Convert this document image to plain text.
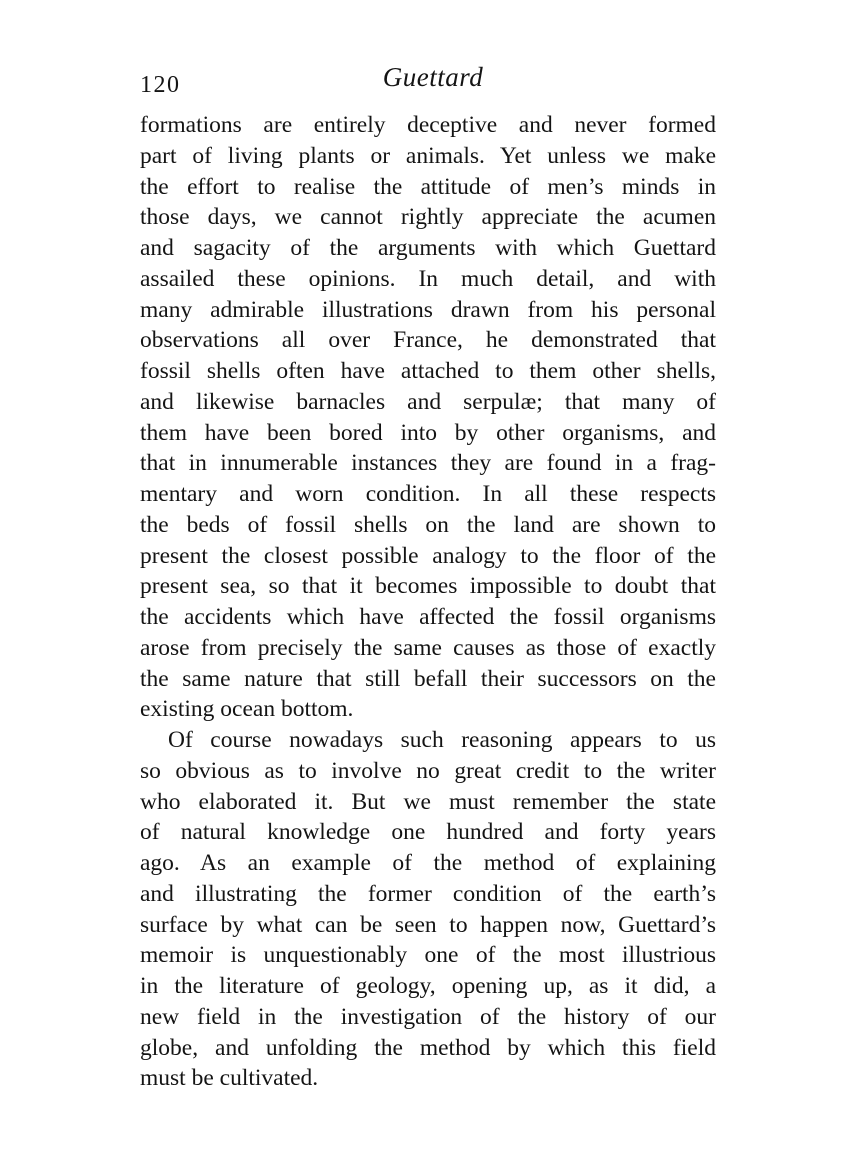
120	Guettard
formations are entirely deceptive and never formed
part of living plants or animals. Yet unless we make
the effort to realise the attitude of men’s minds in
those days, we cannot rightly appreciate the acumen
and sagacity of the arguments with which Guettard
assailed these opinions. In much detail, and with
many admirable illustrations drawn from his personal
observations all over France, he demonstrated that
fossil shells often have attached to them other shells,
and likewise barnacles and serpulæ; that many of
them have been bored into by other organisms, and
that in innumerable instances they are found in a frag-
mentary and worn condition. In all these respects
the beds of fossil shells on the land are shown to
present the closest possible analogy to the floor of the
present sea, so that it becomes impossible to doubt that
the accidents which have affected the fossil organisms
arose from precisely the same causes as those of exactly
the same nature that still befall their successors on the
existing ocean bottom.
Of course nowadays such reasoning appears to us
so obvious as to involve no great credit to the writer
who elaborated it. But we must remember the state
of natural knowledge one hundred and forty years
ago. As an example of the method of explaining
and illustrating the former condition of the earth’s
surface by what can be seen to happen now, Guettard’s
memoir is unquestionably one of the most illustrious
in the literature of geology, opening up, as it did, a
new field in the investigation of the history of our
globe, and unfolding the method by which this field
must be cultivated.
